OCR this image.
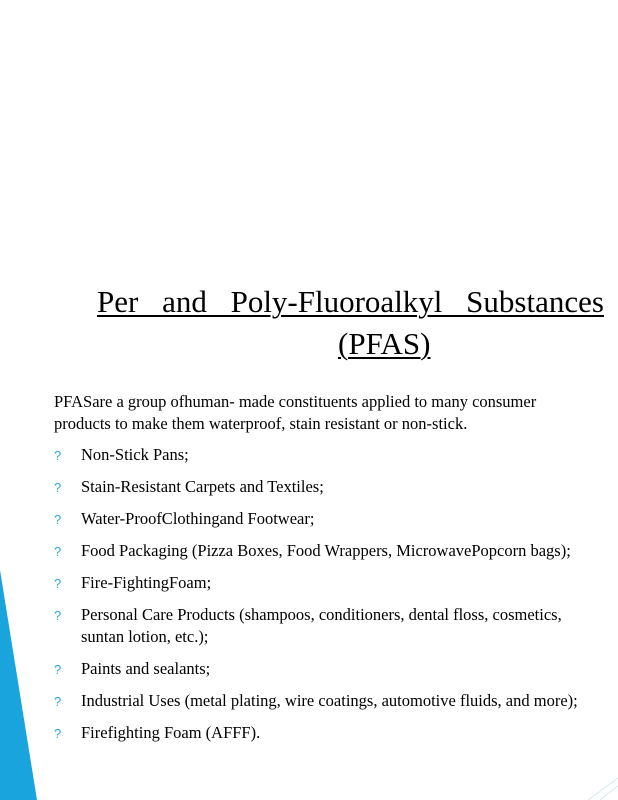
Per and Poly-Fluoroalkyl Substances
(PFAS)
PFASare a group ofhuman- made constituents applied to many consumer
products to make them waterproof, stain resistant or non-stick.
? Non-Stick Pans;
? Stain-Resistant Carpets and Textiles;
? Water-ProofClothingand Footwear;
? Food Packaging (Pizza Boxes, Food Wrappers, MicrowavePopcorn bags);
? Fire-FightingFoam;
? Personal Care Products (shampoos, conditioners, dental floss, cosmetics,
suntan lotion, etc.);
? Paints and sealants;
? Industrial Uses (metal plating, wire coatings, automotive fluids, and more);
? Firefighting Foam (AFFF).
